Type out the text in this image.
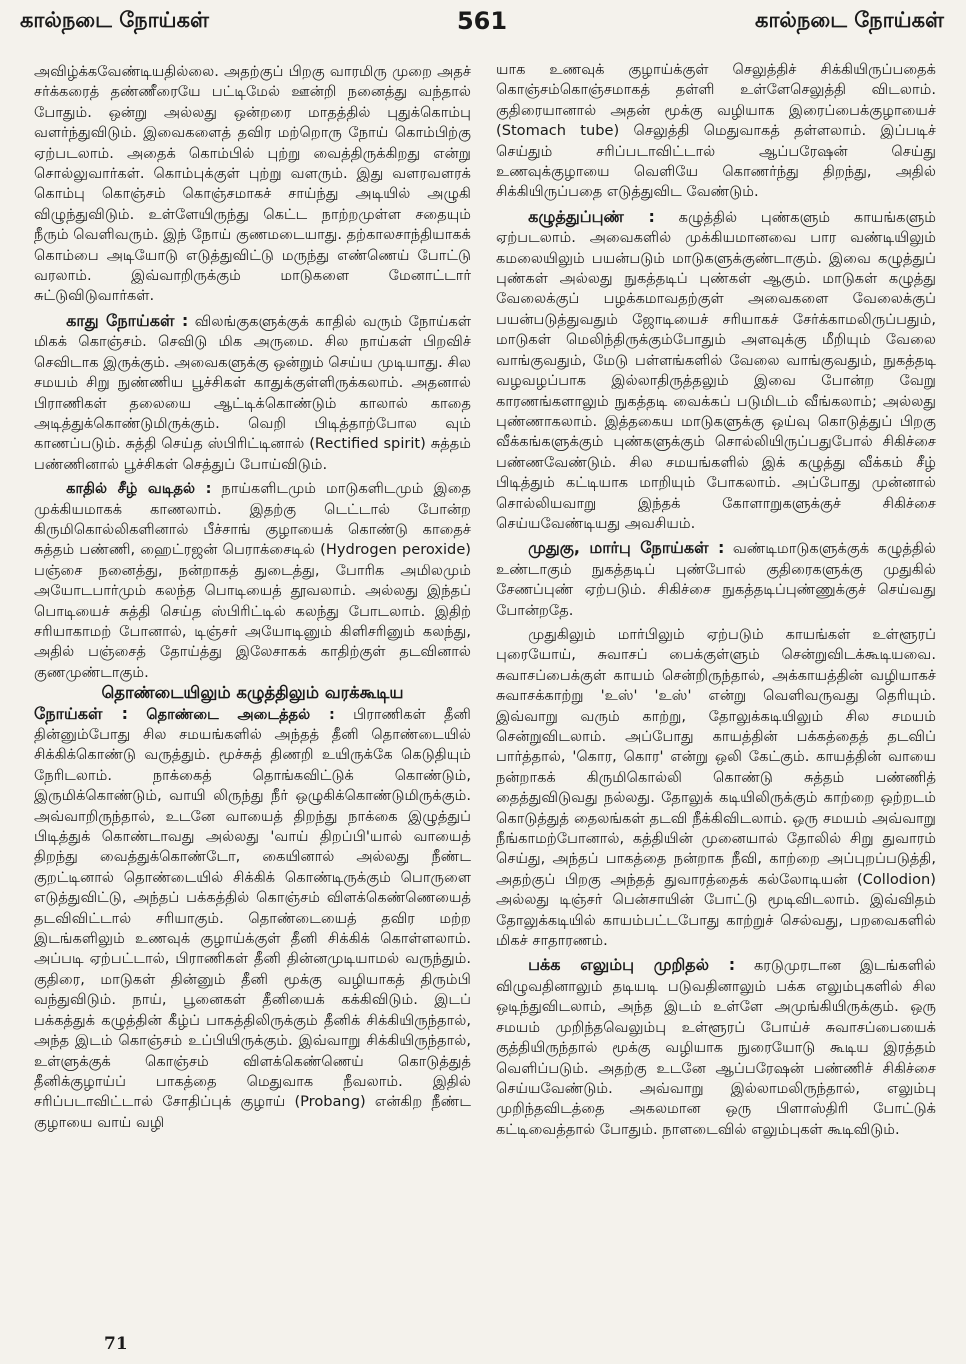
கால்நடை நோய்கள்	561	கால்நடை நோய்கள்

அவிழ்க்கவேண்டியதில்லை. அதற்குப் பிறகு வாரமிரு முறை அதச் சர்க்கரைத் தண்ணீரையே பட்டிமேல் ஊன்றி நனைத்து வந்தால் போதும். ஒன்று அல்லது ஒன்றரை மாதத்தில் புதுக்கொம்பு வளர்ந்துவிடும். இவைகளைத் தவிர மற்றொரு நோய் கொம்பிற்கு ஏற்படலாம். அதைக் கொம்பில் புற்று வைத்திருக்கிறது என்று சொல்லுவார்கள். கொம்புக்குள் புற்று வளரும். இது வளரவளரக் கொம்பு கொஞ்சம் கொஞ்சமாகச் சாய்ந்து அடியில் அழுகி விழுந்துவிடும். உள்ளேயிருந்து கெட்ட நாற்றமுள்ள சதையும் நீரும் வெளிவரும். இந் நோய் குணமடையாது. தற்காலசாந்தியாகக் கொம்பை அடியோடு எடுத்துவிட்டு மருந்து எண்ணெய் போட்டு வரலாம். இவ்வாறிருக்கும் மாடுகளை மேனாட்டார் சுட்டுவிடுவார்கள்.

காது நோய்கள் : விலங்குகளுக்குக் காதில் வரும் நோய்கள் மிகக் கொஞ்சம். செவிடு மிக அருமை. சில நாய்கள் பிறவிச் செவிடாக இருக்கும். அவைகளுக்கு ஒன்றும் செய்ய முடியாது. சில சமயம் சிறு நுண்ணிய பூச்சிகள் காதுக்குள்ளிருக்கலாம். அதனால் பிராணிகள் தலையை ஆட்டிக்கொண்டும் காலால் காதை அடித்துக்கொண்டுமிருக்கும். வெறி பிடித்தாற்போல வும் காணப்படும். சுத்தி செய்த ஸ்பிரிட்டினால் (Rectified spirit) சுத்தம் பண்ணினால் பூச்சிகள் செத்துப் போய்விடும்.

காதில் சீழ் வடிதல் : நாய்களிடமும் மாடுகளிடமும் இதை முக்கியமாகக் காணலாம். இதற்கு டெட்டால் போன்ற கிருமிகொல்லிகளினால் பீச்சாங் குழாயைக் கொண்டு காதைச் சுத்தம் பண்ணி, ஹைட்ரஜன் பெராக்சைடில் (Hydrogen peroxide) பஞ்சை நனைத்து, நன்றாகத் துடைத்து, போரிக அமிலமும் அயோடபார்மும் கலந்த பொடியைத் தூவலாம். அல்லது இந்தப் பொடியைச் சுத்தி செய்த ஸ்பிரிட்டில் கலந்து போடலாம். இதிற் சரியாகாமற் போனால், டிஞ்சர் அயோடினும் கிளிசரினும் கலந்து, அதில் பஞ்சைத் தோய்த்து இலேசாகக் காதிற்குள் தடவினால் குணமுண்டாகும்.

தொண்டையிலும் கழுத்திலும் வரக்கூடிய

நோய்கள் : தொண்டை அடைத்தல் : பிராணிகள் தீனி தின்னும்போது சில சமயங்களில் அந்தத் தீனி தொண்டையில் சிக்கிக்கொண்டு வருத்தும். மூச்சுத் திணறி உயிருக்கே கெடுதியும் நேரிடலாம். நாக்கைத் தொங்கவிட்டுக் கொண்டும், இருமிக்கொண்டும், வாயி லிருந்து நீர் ஒழுகிக்கொண்டுமிருக்கும். அவ்வாறிருந்தால், உடனே வாயைத் திறந்து நாக்கை இழுத்துப் பிடித்துக் கொண்டாவது அல்லது 'வாய் திறப்பி'யால் வாயைத் திறந்து வைத்துக்கொண்டோ, கையினால் அல்லது நீண்ட குறட்டினால் தொண்டையில் சிக்கிக் கொண்டிருக்கும் பொருளை எடுத்துவிட்டு, அந்தப் பக்கத்தில் கொஞ்சம் விளக்கெண்ணெயைத் தடவிவிட்டால் சரியாகும். தொண்டையைத் தவிர மற்ற இடங்களிலும் உணவுக் குழாய்க்குள் தீனி சிக்கிக் கொள்ளலாம். அப்படி ஏற்பட்டால், பிராணிகள் தீனி தின்னமுடியாமல் வருந்தும். குதிரை, மாடுகள் தின்னும் தீனி மூக்கு வழியாகத் திரும்பி வந்துவிடும். நாய், பூனைகள் தீனியைக் கக்கிவிடும். இடப் பக்கத்துக் கழுத்தின் கீழ்ப் பாகத்திலிருக்கும் தீனிக் சிக்கியிருந்தால், அந்த இடம் கொஞ்சம் உப்பியிருக்கும். இவ்வாறு சிக்கியிருந்தால், உள்ளுக்குக் கொஞ்சம் விளக்கெண்ணெய் கொடுத்துத் தீனிக்குழாய்ப் பாகத்தை மெதுவாக நீவலாம். இதில் சரிப்படாவிட்டால் சோதிப்புக் குழாய் (Probang) என்கிற நீண்ட குழாயை வாய் வழி

யாக உணவுக் குழாய்க்குள் செலுத்திச் சிக்கியிருப்பதைக் கொஞ்சம்கொஞ்சமாகத் தள்ளி உள்ளேசெலுத்தி விடலாம். குதிரையானால் அதன் மூக்கு வழியாக இரைப்பைக்குழாயைச் (Stomach tube) செலுத்தி மெதுவாகத் தள்ளலாம். இப்படிச் செய்தும் சரிப்படாவிட்டால் ஆப்பரேஷன் செய்து உணவுக்குழாயை வெளியே கொணர்ந்து திறந்து, அதில் சிக்கியிருப்பதை எடுத்துவிட வேண்டும்.

கழுத்துப்புண் : கழுத்தில் புண்களும் காயங்களும் ஏற்படலாம். அவைகளில் முக்கியமானவை பார வண்டியிலும் கமலையிலும் பயன்படும் மாடுகளுக்குண்டாகும். இவை கழுத்துப் புண்கள் அல்லது நுகத்தடிப் புண்கள் ஆகும். மாடுகள் கழுத்து வேலைக்குப் பழக்கமாவதற்குள் அவைகளை வேலைக்குப் பயன்படுத்துவதும் ஜோடியைச் சரியாகச் சேர்க்காமலிருப்பதும், மாடுகள் மெலிந்திருக்கும்போதும் அளவுக்கு மீறியும் வேலை வாங்குவதும், மேடு பள்ளங்களில் வேலை வாங்குவதும், நுகத்தடி வழவழப்பாக இல்லாதிருத்தலும் இவை போன்ற வேறு காரணங்களாலும் நுகத்தடி வைக்கப் படுமிடம் வீங்கலாம்; அல்லது புண்ணாகலாம். இத்தகைய மாடுகளுக்கு ஒய்வு கொடுத்துப் பிறகு வீக்கங்களுக்கும் புண்களுக்கும் சொல்லியிருப்பதுபோல் சிகிச்சை பண்ணவேண்டும். சில சமயங்களில் இக் கழுத்து வீக்கம் சீழ் பிடித்தும் கட்டியாக மாறியும் போகலாம். அப்போது முன்னால் சொல்லியவாறு இந்தக் கோளாறுகளுக்குச் சிகிச்சை செய்யவேண்டியது அவசியம்.

முதுகு, மார்பு நோய்கள் : வண்டிமாடுகளுக்குக் கழுத்தில் உண்டாகும் நுகத்தடிப் புண்போல் குதிரைகளுக்கு முதுகில் சேணப்புண் ஏற்படும். சிகிச்சை நுகத்தடிப்புண்ணுக்குச் செய்வது போன்றதே.

முதுகிலும் மார்பிலும் ஏற்படும் காயங்கள் உள்ளூரப் புரையோய், சுவாசப் பைக்குள்ளும் சென்றுவிடக்கூடியவை. சுவாசப்பைக்குள் காயம் சென்றிருந்தால், அக்காயத்தின் வழியாகச் சுவாசக்காற்று 'உஸ்' 'உஸ்' என்று வெளிவருவது தெரியும். இவ்வாறு வரும் காற்று, தோலுக்கடியிலும் சில சமயம் சென்றுவிடலாம். அப்போது காயத்தின் பக்கத்தைத் தடவிப் பார்த்தால், 'கொர, கொர' என்று ஒலி கேட்கும். காயத்தின் வாயை நன்றாகக் கிருமிகொல்லி கொண்டு சுத்தம் பண்ணித் தைத்துவிடுவது நல்லது. தோலுக் கடியிலிருக்கும் காற்றை ஒற்றடம் கொடுத்துத் தைலங்கள் தடவி நீக்கிவிடலாம். ஒரு சமயம் அவ்வாறு நீங்காமற்போனால், கத்தியின் முனையால் தோலில் சிறு துவாரம் செய்து, அந்தப் பாகத்தை நன்றாக நீவி, காற்றை அப்புறப்படுத்தி, அதற்குப் பிறகு அந்தத் துவாரத்தைக் கல்லோடியன் (Collodion) அல்லது டிஞ்சர் பென்சாயின் போட்டு மூடிவிடலாம். இவ்விதம் தோலுக்கடியில் காயம்பட்டபோது காற்றுச் செல்வது, பறவைகளில் மிகச் சாதாரணம்.

பக்க எலும்பு முறிதல் : கரடுமுரடான இடங்களில் விழுவதினாலும் தடியடி படுவதினாலும் பக்க எலும்புகளில் சில ஒடிந்துவிடலாம், அந்த இடம் உள்ளே அமுங்கியிருக்கும். ஒரு சமயம் முறிந்தவெலும்பு உள்ளூரப் போய்ச் சுவாசப்பையைக் குத்தியிருந்தால் மூக்கு வழியாக நுரையோடு கூடிய இரத்தம் வெளிப்படும். அதற்கு உடனே ஆப்பரேஷன் பண்ணிச் சிகிச்சை செய்யவேண்டும். அவ்வாறு இல்லாமலிருந்தால், எலும்பு முறிந்தவிடத்தை அகலமான ஒரு பிளாஸ்திரி போட்டுக் கட்டிவைத்தால் போதும். நாளடைவில் எலும்புகள் கூடிவிடும்.

71
